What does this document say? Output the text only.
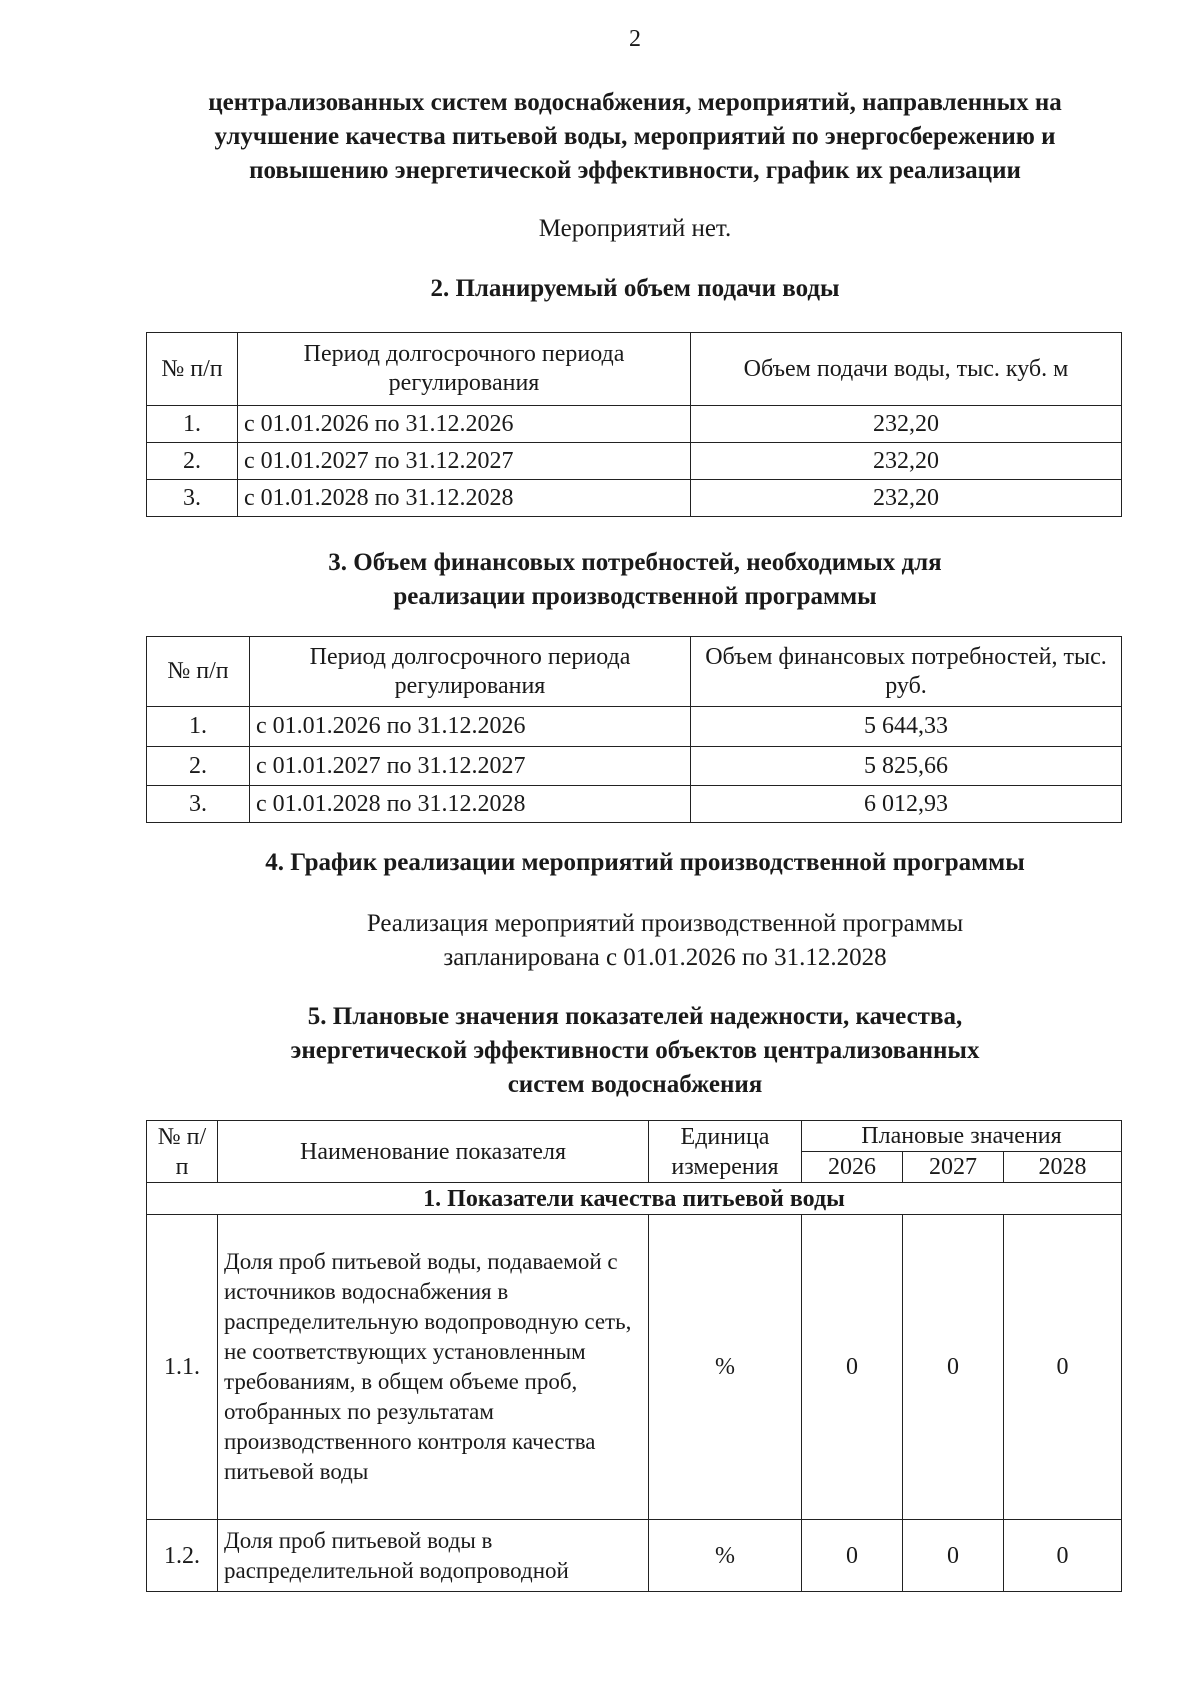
2
централизованных систем водоснабжения, мероприятий, направленных на
улучшение качества питьевой воды, мероприятий по энергосбережению и
повышению энергетической эффективности, график их реализации
Мероприятий нет.
2. Планируемый объем подачи воды
№ п/п	Период долгосрочного периода регулирования	Объем подачи воды, тыс. куб. м
1.	с 01.01.2026 по 31.12.2026	232,20
2.	с 01.01.2027 по 31.12.2027	232,20
3.	с 01.01.2028 по 31.12.2028	232,20
3. Объем финансовых потребностей, необходимых для
реализации производственной программы
№ п/п	Период долгосрочного периода регулирования	Объем финансовых потребностей, тыс. руб.
1.	с 01.01.2026 по 31.12.2026	5 644,33
2.	с 01.01.2027 по 31.12.2027	5 825,66
3.	с 01.01.2028 по 31.12.2028	6 012,93
4. График реализации мероприятий производственной программы
Реализация мероприятий производственной программы
запланирована с 01.01.2026 по 31.12.2028
5. Плановые значения показателей надежности, качества,
энергетической эффективности объектов централизованных
систем водоснабжения
№ п/п	Наименование показателя	Единица измерения	Плановые значения		
			2026	2027	2028
1. Показатели качества питьевой воды					
1.1.	Доля проб питьевой воды, подаваемой с источников водоснабжения в распределительную водопроводную сеть, не соответствующих установленным требованиям, в общем объеме проб, отобранных по результатам производственного контроля качества питьевой воды	%	0	0	0
1.2.	Доля проб питьевой воды в распределительной водопроводной	%	0	0	0
